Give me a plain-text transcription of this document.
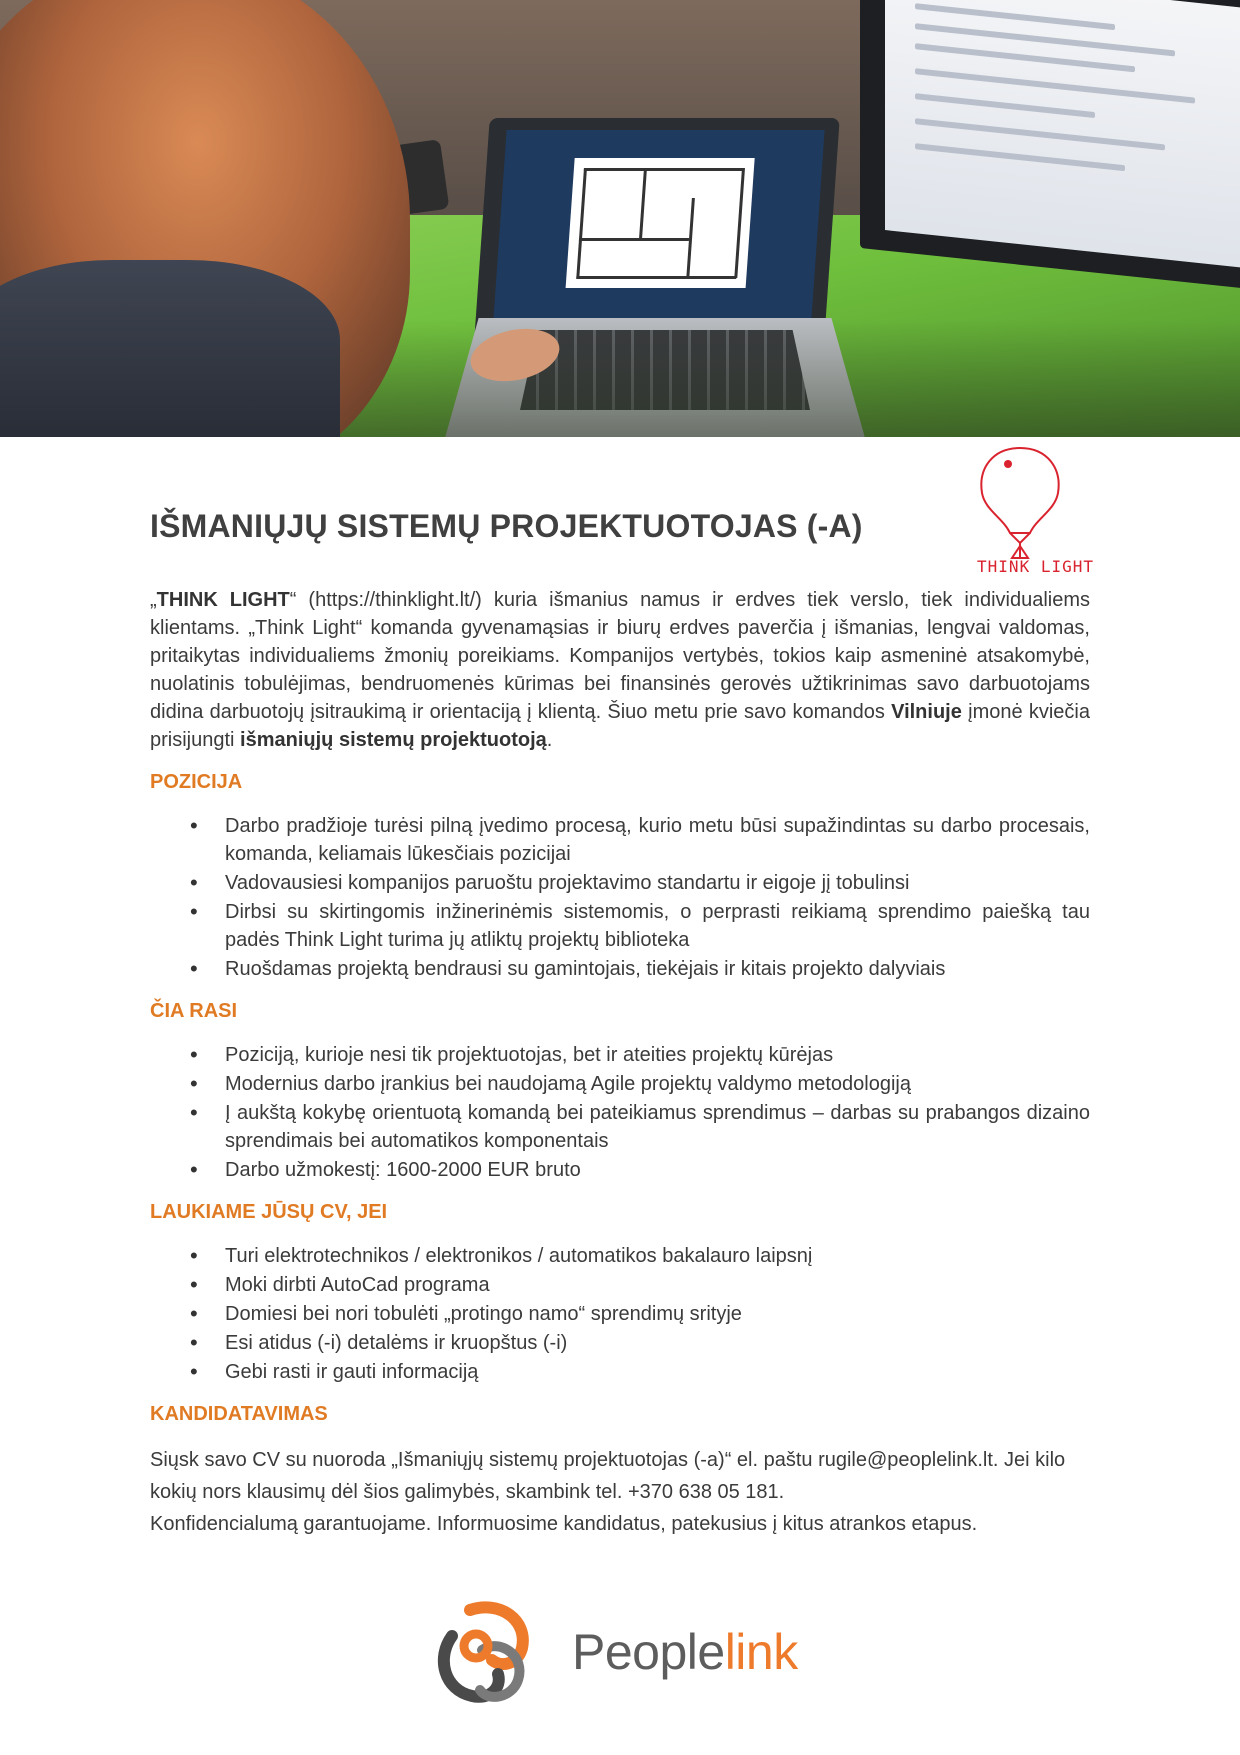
THINK LIGHT
IŠMANIŲJŲ SISTEMŲ PROJEKTUOTOJAS (-A)

„THINK LIGHT“ (https://thinklight.lt/) kuria išmanius namus ir erdves tiek verslo, tiek individualiems klientams. „Think Light“ komanda gyvenamąsias ir biurų erdves paverčia į išmanias, lengvai valdomas, pritaikytas individualiems žmonių poreikiams. Kompanijos vertybės, tokios kaip asmeninė atsakomybė, nuolatinis tobulėjimas, bendruomenės kūrimas bei finansinės gerovės užtikrinimas savo darbuotojams didina darbuotojų įsitraukimą ir orientaciją į klientą. Šiuo metu prie savo komandos Vilniuje įmonė kviečia prisijungti išmaniųjų sistemų projektuotoją.

POZICIJA
• Darbo pradžioje turėsi pilną įvedimo procesą, kurio metu būsi supažindintas su darbo procesais, komanda, keliamais lūkesčiais pozicijai
• Vadovausiesi kompanijos paruoštu projektavimo standartu ir eigoje jį tobulinsi
• Dirbsi su skirtingomis inžinerinėmis sistemomis, o perprasti reikiamą sprendimo paiešką tau padės Think Light turima jų atliktų projektų biblioteka
• Ruošdamas projektą bendrausi su gamintojais, tiekėjais ir kitais projekto dalyviais
ČIA RASI
• Poziciją, kurioje nesi tik projektuotojas, bet ir ateities projektų kūrėjas
• Modernius darbo įrankius bei naudojamą Agile projektų valdymo metodologiją
• Į aukštą kokybę orientuotą komandą bei pateikiamus sprendimus – darbas su prabangos dizaino sprendimais bei automatikos komponentais
• Darbo užmokestį: 1600-2000 EUR bruto
LAUKIAME JŪSŲ CV, JEI
• Turi elektrotechnikos / elektronikos / automatikos bakalauro laipsnį
• Moki dirbti AutoCad programa
• Domiesi bei nori tobulėti „protingo namo“ sprendimų srityje
• Esi atidus (-i) detalėms ir kruopštus (-i)
• Gebi rasti ir gauti informaciją
KANDIDATAVIMAS

Siųsk savo CV su nuoroda „Išmaniųjų sistemų projektuotojas (-a)“ el. paštu rugile@peoplelink.lt. Jei kilo kokių nors klausimų dėl šios galimybės, skambink tel. +370 638 05 181.

Konfidencialumą garantuojame. Informuosime kandidatus, patekusius į kitus atrankos etapus.

Peoplelink
